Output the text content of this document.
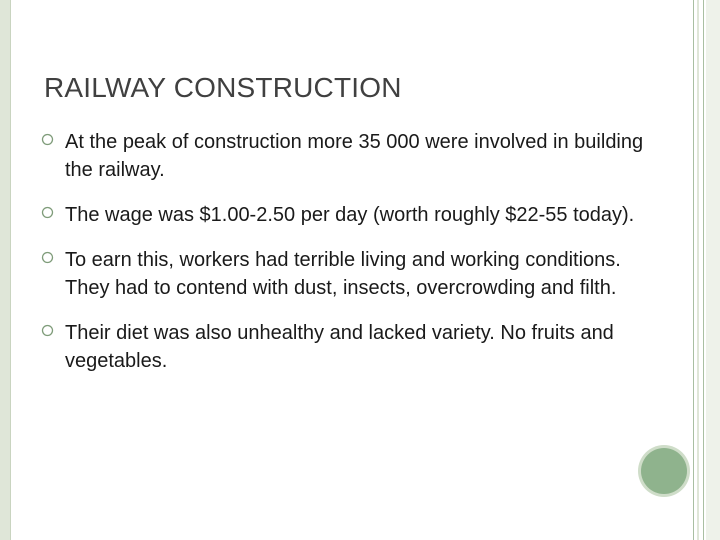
RAILWAY CONSTRUCTION
At the peak of construction more 35 000 were involved in building the railway.
The wage was $1.00-2.50 per day (worth roughly $22-55 today).
To earn this, workers had terrible living and working conditions. They had to contend with dust, insects, overcrowding and filth.
Their diet was also unhealthy and lacked variety. No fruits and vegetables.
